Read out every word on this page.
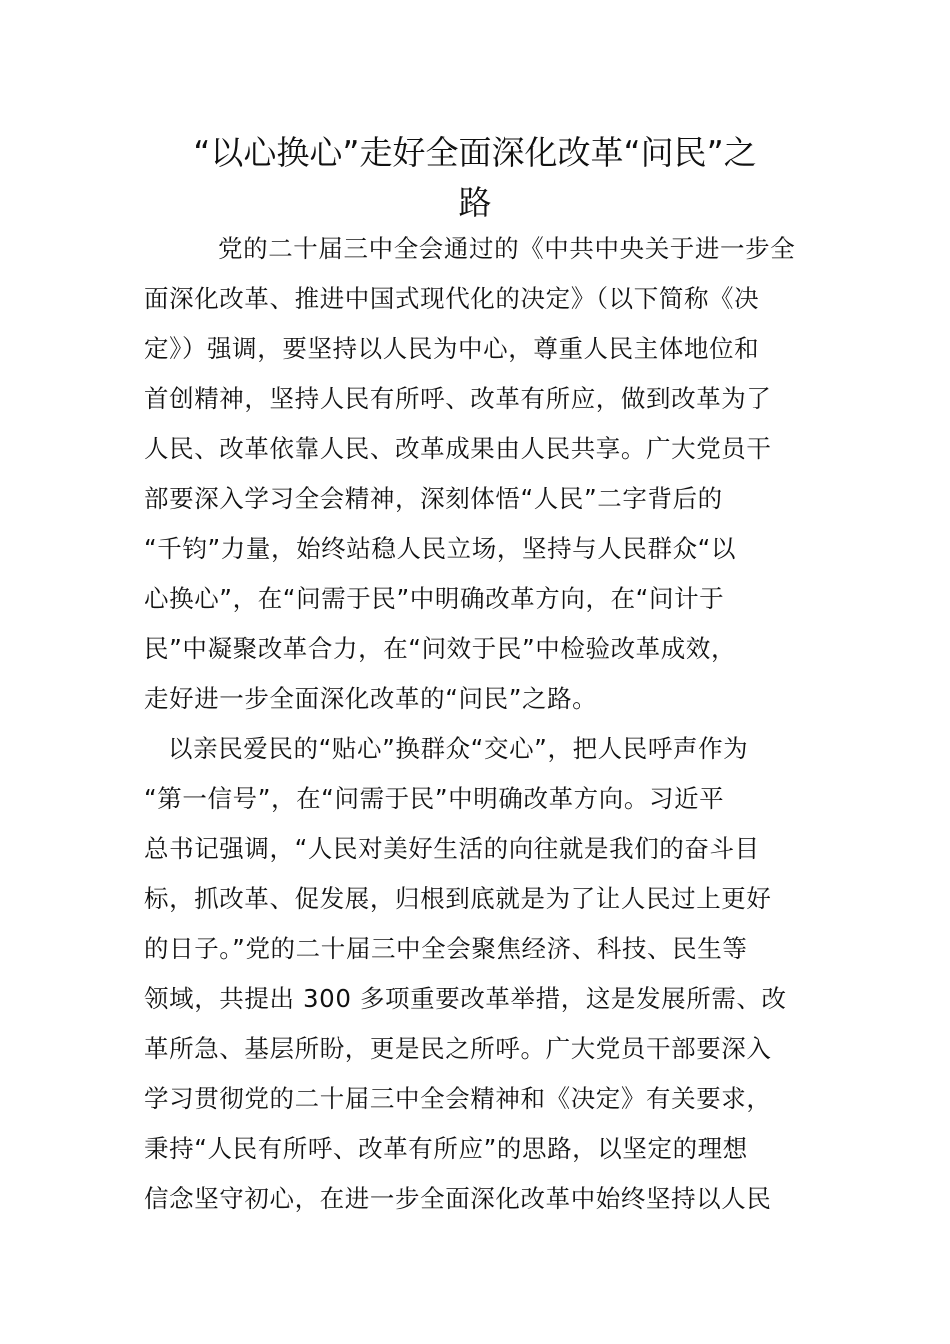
“以心换心”走好全面深化改革“问民”之
路
党的二十届三中全会通过的《中共中央关于进一步全
面深化改革、推进中国式现代化的决定》（以下简称《决
定》）强调，要坚持以人民为中心，尊重人民主体地位和
首创精神，坚持人民有所呼、改革有所应，做到改革为了
人民、改革依靠人民、改革成果由人民共享。广大党员干
部要深入学习全会精神，深刻体悟“人民”二字背后的
“千钧”力量，始终站稳人民立场，坚持与人民群众“以
心换心”，在“问需于民”中明确改革方向，在“问计于
民”中凝聚改革合力，在“问效于民”中检验改革成效，
走好进一步全面深化改革的“问民”之路。
以亲民爱民的“贴心”换群众“交心”，把人民呼声作为
“第一信号”，在“问需于民”中明确改革方向。习近平
总书记强调，“人民对美好生活的向往就是我们的奋斗目
标，抓改革、促发展，归根到底就是为了让人民过上更好
的日子。”党的二十届三中全会聚焦经济、科技、民生等
领域，共提出 300 多项重要改革举措，这是发展所需、改
革所急、基层所盼，更是民之所呼。广大党员干部要深入
学习贯彻党的二十届三中全会精神和《决定》有关要求，
秉持“人民有所呼、改革有所应”的思路，以坚定的理想
信念坚守初心，在进一步全面深化改革中始终坚持以人民
